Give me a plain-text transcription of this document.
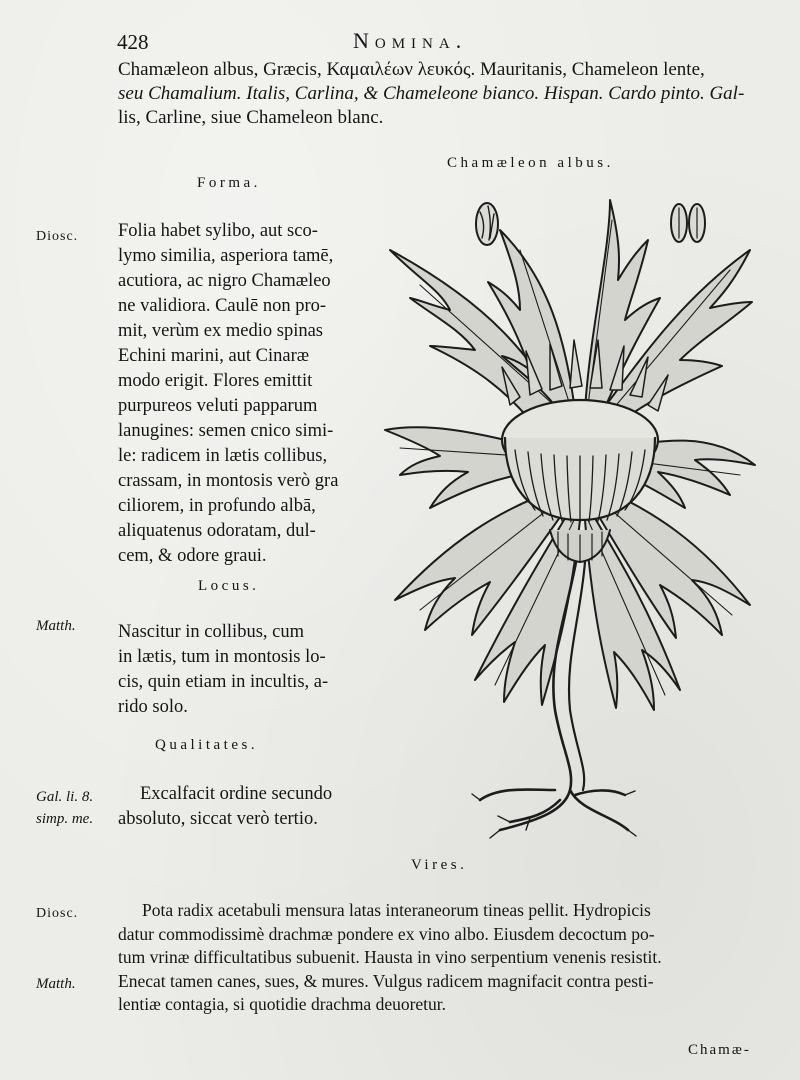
428	Nomina.
Chamæleon albus, Græcis, Καμαιλέων λευκός. Mauritanis, Chameleon lente,
seu Chamalium. Italis, Carlina, & Chameleone bianco. Hispan. Cardo pinto. Gal-
lis, Carline, siue Chameleon blanc.
Chamæleon albus.
Forma.
Diosc. Folia habet sylibo, aut sco-
lymo similia, asperiora tamē,
acutiora, ac nigro Chamæleo
ne validiora. Caulē non pro-
mit, verùm ex medio spinas
Echini marini, aut Cinaræ
modo erigit. Flores emittit
purpureos veluti papparum
lanugines: semen cnico simi-
le: radicem in lætis collibus,
crassam, in montosis verò gra
ciliorem, in profundo albā,
aliquatenus odoratam, dul-
cem, & odore graui.
Locus.
Matth. Nascitur in collibus, cum
in lætis, tum in montosis lo-
cis, quin etiam in incultis, a-
rido solo.
Qualitates.
Gal. li. 8.
simp. me.
Excalfacit ordine secundo
absoluto, siccat verò tertio.
Vires.
Diosc.
Matth.
Pota radix acetabuli mensura latas interaneorum tineas pellit. Hydropicis
datur commodissimè drachmæ pondere ex vino albo. Eiusdem decoctum po-
tum vrinæ difficultatibus subuenit. Hausta in vino serpentium venenis resistit.
Enecat tamen canes, sues, & mures. Vulgus radicem magnifacit contra pesti-
lentiæ contagia, si quotidie drachma deuoretur.
Chamæ-
